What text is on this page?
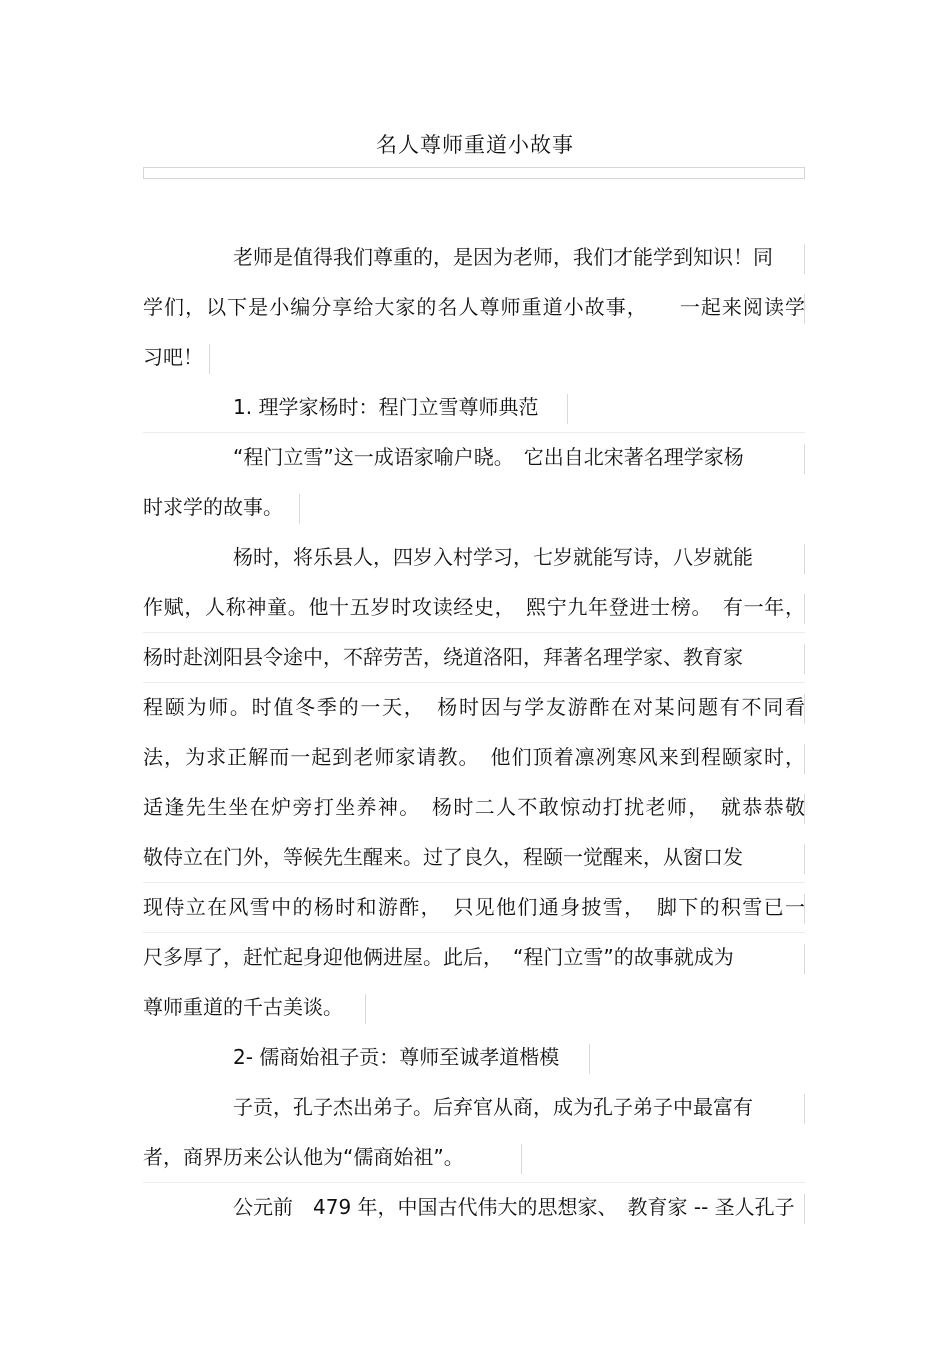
名人尊师重道小故事
老师是值得我们尊重的，是因为老师，我们才能学到知识！同
学们，以下是小编分享给大家的名人尊师重道小故事，　　一起来阅读学
习吧！
1. 理学家杨时：程门立雪尊师典范
“程门立雪”这一成语家喻户晓。　它出自北宋著名理学家杨
时求学的故事。
杨时，将乐县人，四岁入村学习，七岁就能写诗，八岁就能
作赋，人称神童。他十五岁时攻读经史，　熙宁九年登进士榜。　有一年，
杨时赴浏阳县令途中，不辞劳苦，绕道洛阳，拜著名理学家、教育家
程颐为师。时值冬季的一天，　杨时因与学友游酢在对某问题有不同看
法，为求正解而一起到老师家请教。　他们顶着凛冽寒风来到程颐家时，
适逢先生坐在炉旁打坐养神。　杨时二人不敢惊动打扰老师，　就恭恭敬
敬侍立在门外，等候先生醒来。过了良久，程颐一觉醒来，从窗口发
现侍立在风雪中的杨时和游酢，　只见他们通身披雪，　脚下的积雪已一
尺多厚了，赶忙起身迎他俩进屋。此后，　“程门立雪”的故事就成为
尊师重道的千古美谈。
2- 儒商始祖子贡：尊师至诚孝道楷模
子贡，孔子杰出弟子。后弃官从商，成为孔子弟子中最富有
者，商界历来公认他为“儒商始祖”。
公元前　479 年，中国古代伟大的思想家、　教育家 -- 圣人孔子
